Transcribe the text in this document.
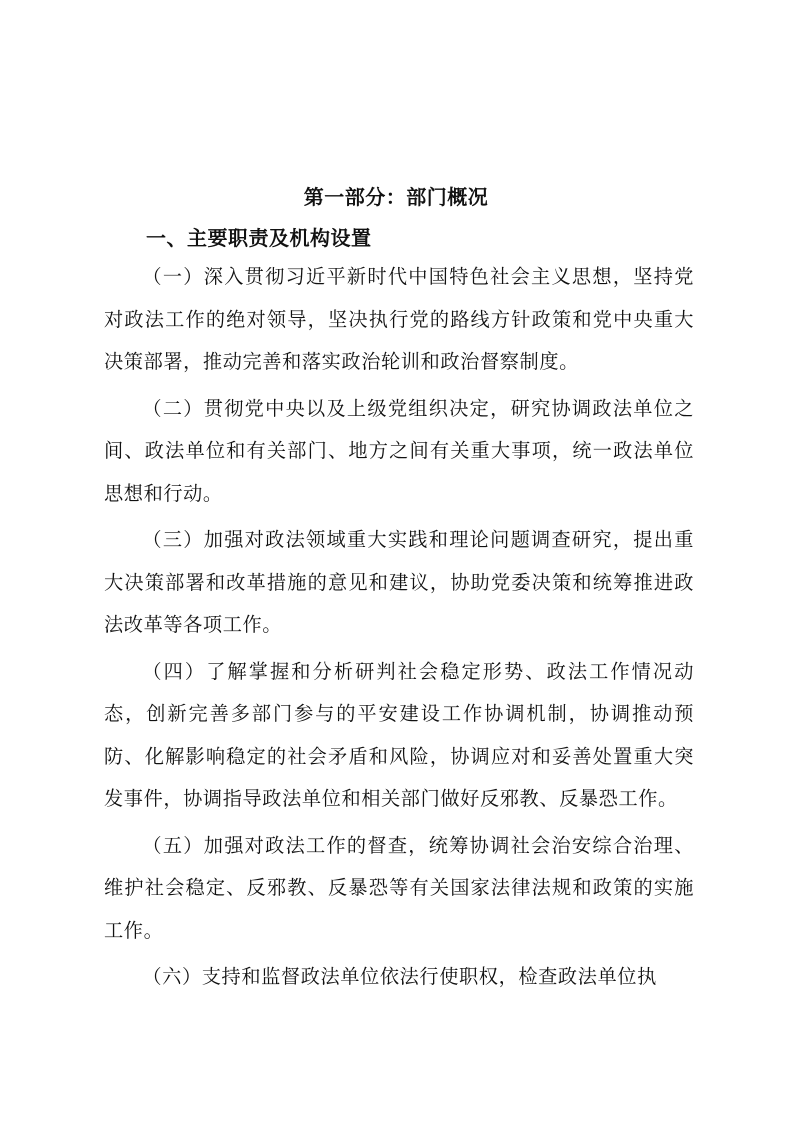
第一部分：部门概况
一、主要职责及机构设置

（一）深入贯彻习近平新时代中国特色社会主义思想，坚持党对政法工作的绝对领导，坚决执行党的路线方针政策和党中央重大决策部署，推动完善和落实政治轮训和政治督察制度。

（二）贯彻党中央以及上级党组织决定，研究协调政法单位之间、政法单位和有关部门、地方之间有关重大事项，统一政法单位思想和行动。

（三）加强对政法领域重大实践和理论问题调查研究，提出重大决策部署和改革措施的意见和建议，协助党委决策和统筹推进政法改革等各项工作。

（四）了解掌握和分析研判社会稳定形势、政法工作情况动态，创新完善多部门参与的平安建设工作协调机制，协调推动预防、化解影响稳定的社会矛盾和风险，协调应对和妥善处置重大突发事件，协调指导政法单位和相关部门做好反邪教、反暴恐工作。

（五）加强对政法工作的督查，统筹协调社会治安综合治理、维护社会稳定、反邪教、反暴恐等有关国家法律法规和政策的实施工作。

（六）支持和监督政法单位依法行使职权，检查政法单位执
